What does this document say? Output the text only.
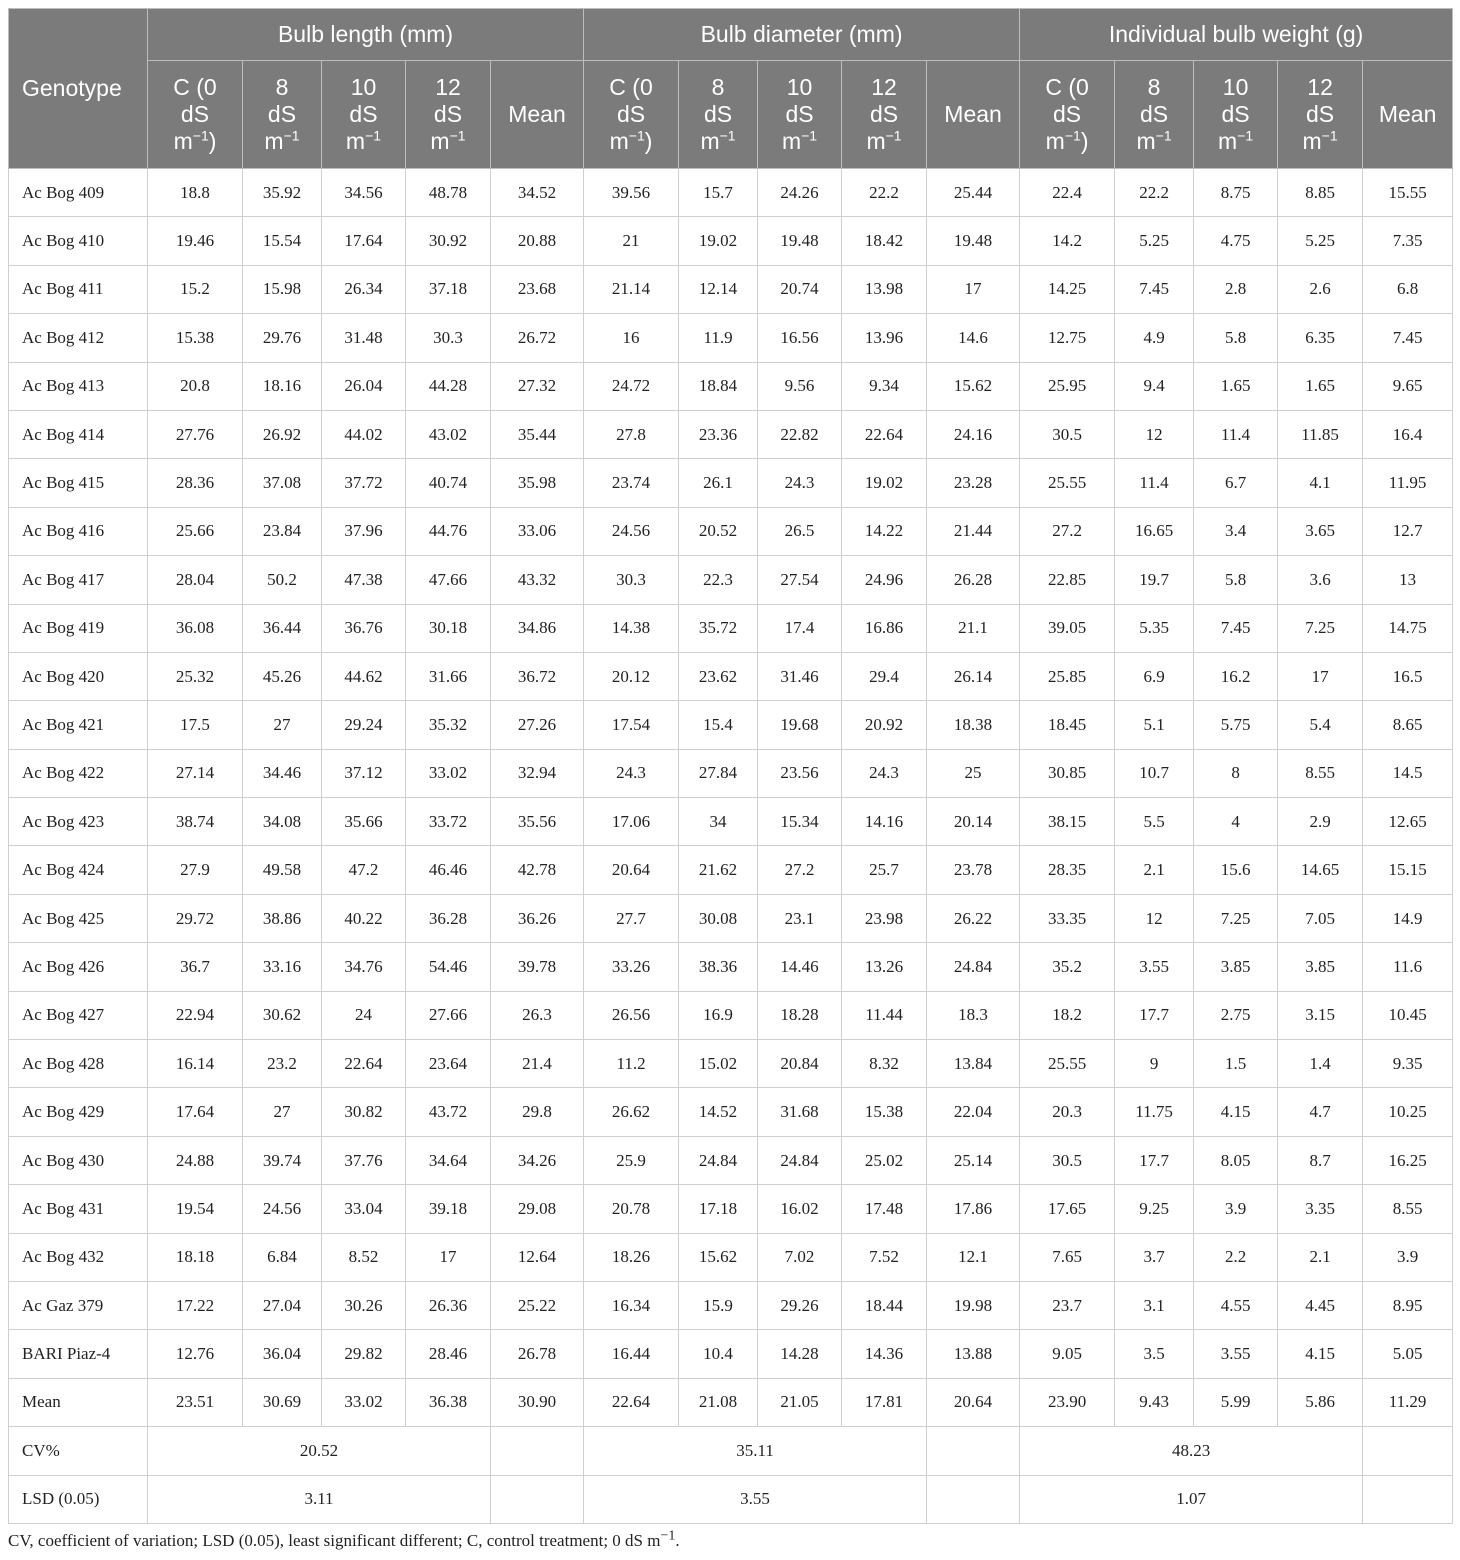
Genotype	Bulb length (mm)					Bulb diameter (mm)					Individual bulb weight (g)				
	C (0
dS
$m^{-1}$)	8
dS
$m^{-1}$	10
dS
$m^{-1}$	12
dS
$m^{-1}$	Mean	C (0
dS
$m^{-1}$)	8
dS
$m^{-1}$	10
dS
$m^{-1}$	12
dS
$m^{-1}$	Mean	C (0
dS
$m^{-1}$)	8
dS
$m^{-1}$	10
dS
$m^{-1}$	12
dS
$m^{-1}$	Mean
Ac Bog 409	18.8	35.92	34.56	48.78	34.52	39.56	15.7	24.26	22.2	25.44	22.4	22.2	8.75	8.85	15.55
Ac Bog 410	19.46	15.54	17.64	30.92	20.88	21	19.02	19.48	18.42	19.48	14.2	5.25	4.75	5.25	7.35
Ac Bog 411	15.2	15.98	26.34	37.18	23.68	21.14	12.14	20.74	13.98	17	14.25	7.45	2.8	2.6	6.8
Ac Bog 412	15.38	29.76	31.48	30.3	26.72	16	11.9	16.56	13.96	14.6	12.75	4.9	5.8	6.35	7.45
Ac Bog 413	20.8	18.16	26.04	44.28	27.32	24.72	18.84	9.56	9.34	15.62	25.95	9.4	1.65	1.65	9.65
Ac Bog 414	27.76	26.92	44.02	43.02	35.44	27.8	23.36	22.82	22.64	24.16	30.5	12	11.4	11.85	16.4
Ac Bog 415	28.36	37.08	37.72	40.74	35.98	23.74	26.1	24.3	19.02	23.28	25.55	11.4	6.7	4.1	11.95
Ac Bog 416	25.66	23.84	37.96	44.76	33.06	24.56	20.52	26.5	14.22	21.44	27.2	16.65	3.4	3.65	12.7
Ac Bog 417	28.04	50.2	47.38	47.66	43.32	30.3	22.3	27.54	24.96	26.28	22.85	19.7	5.8	3.6	13
Ac Bog 419	36.08	36.44	36.76	30.18	34.86	14.38	35.72	17.4	16.86	21.1	39.05	5.35	7.45	7.25	14.75
Ac Bog 420	25.32	45.26	44.62	31.66	36.72	20.12	23.62	31.46	29.4	26.14	25.85	6.9	16.2	17	16.5
Ac Bog 421	17.5	27	29.24	35.32	27.26	17.54	15.4	19.68	20.92	18.38	18.45	5.1	5.75	5.4	8.65
Ac Bog 422	27.14	34.46	37.12	33.02	32.94	24.3	27.84	23.56	24.3	25	30.85	10.7	8	8.55	14.5
Ac Bog 423	38.74	34.08	35.66	33.72	35.56	17.06	34	15.34	14.16	20.14	38.15	5.5	4	2.9	12.65
Ac Bog 424	27.9	49.58	47.2	46.46	42.78	20.64	21.62	27.2	25.7	23.78	28.35	2.1	15.6	14.65	15.15
Ac Bog 425	29.72	38.86	40.22	36.28	36.26	27.7	30.08	23.1	23.98	26.22	33.35	12	7.25	7.05	14.9
Ac Bog 426	36.7	33.16	34.76	54.46	39.78	33.26	38.36	14.46	13.26	24.84	35.2	3.55	3.85	3.85	11.6
Ac Bog 427	22.94	30.62	24	27.66	26.3	26.56	16.9	18.28	11.44	18.3	18.2	17.7	2.75	3.15	10.45
Ac Bog 428	16.14	23.2	22.64	23.64	21.4	11.2	15.02	20.84	8.32	13.84	25.55	9	1.5	1.4	9.35
Ac Bog 429	17.64	27	30.82	43.72	29.8	26.62	14.52	31.68	15.38	22.04	20.3	11.75	4.15	4.7	10.25
Ac Bog 430	24.88	39.74	37.76	34.64	34.26	25.9	24.84	24.84	25.02	25.14	30.5	17.7	8.05	8.7	16.25
Ac Bog 431	19.54	24.56	33.04	39.18	29.08	20.78	17.18	16.02	17.48	17.86	17.65	9.25	3.9	3.35	8.55
Ac Bog 432	18.18	6.84	8.52	17	12.64	18.26	15.62	7.02	7.52	12.1	7.65	3.7	2.2	2.1	3.9
Ac Gaz 379	17.22	27.04	30.26	26.36	25.22	16.34	15.9	29.26	18.44	19.98	23.7	3.1	4.55	4.45	8.95
BARI Piaz-4	12.76	36.04	29.82	28.46	26.78	16.44	10.4	14.28	14.36	13.88	9.05	3.5	3.55	4.15	5.05
Mean	23.51	30.69	33.02	36.38	30.90	22.64	21.08	21.05	17.81	20.64	23.90	9.43	5.99	5.86	11.29
CV%	20.52					35.11					48.23				
LSD (0.05)	3.11					3.55					1.07				
CV, coefficient of variation; LSD (0.05), least significant different; C, control treatment; 0 dS $m^{-1}$.
